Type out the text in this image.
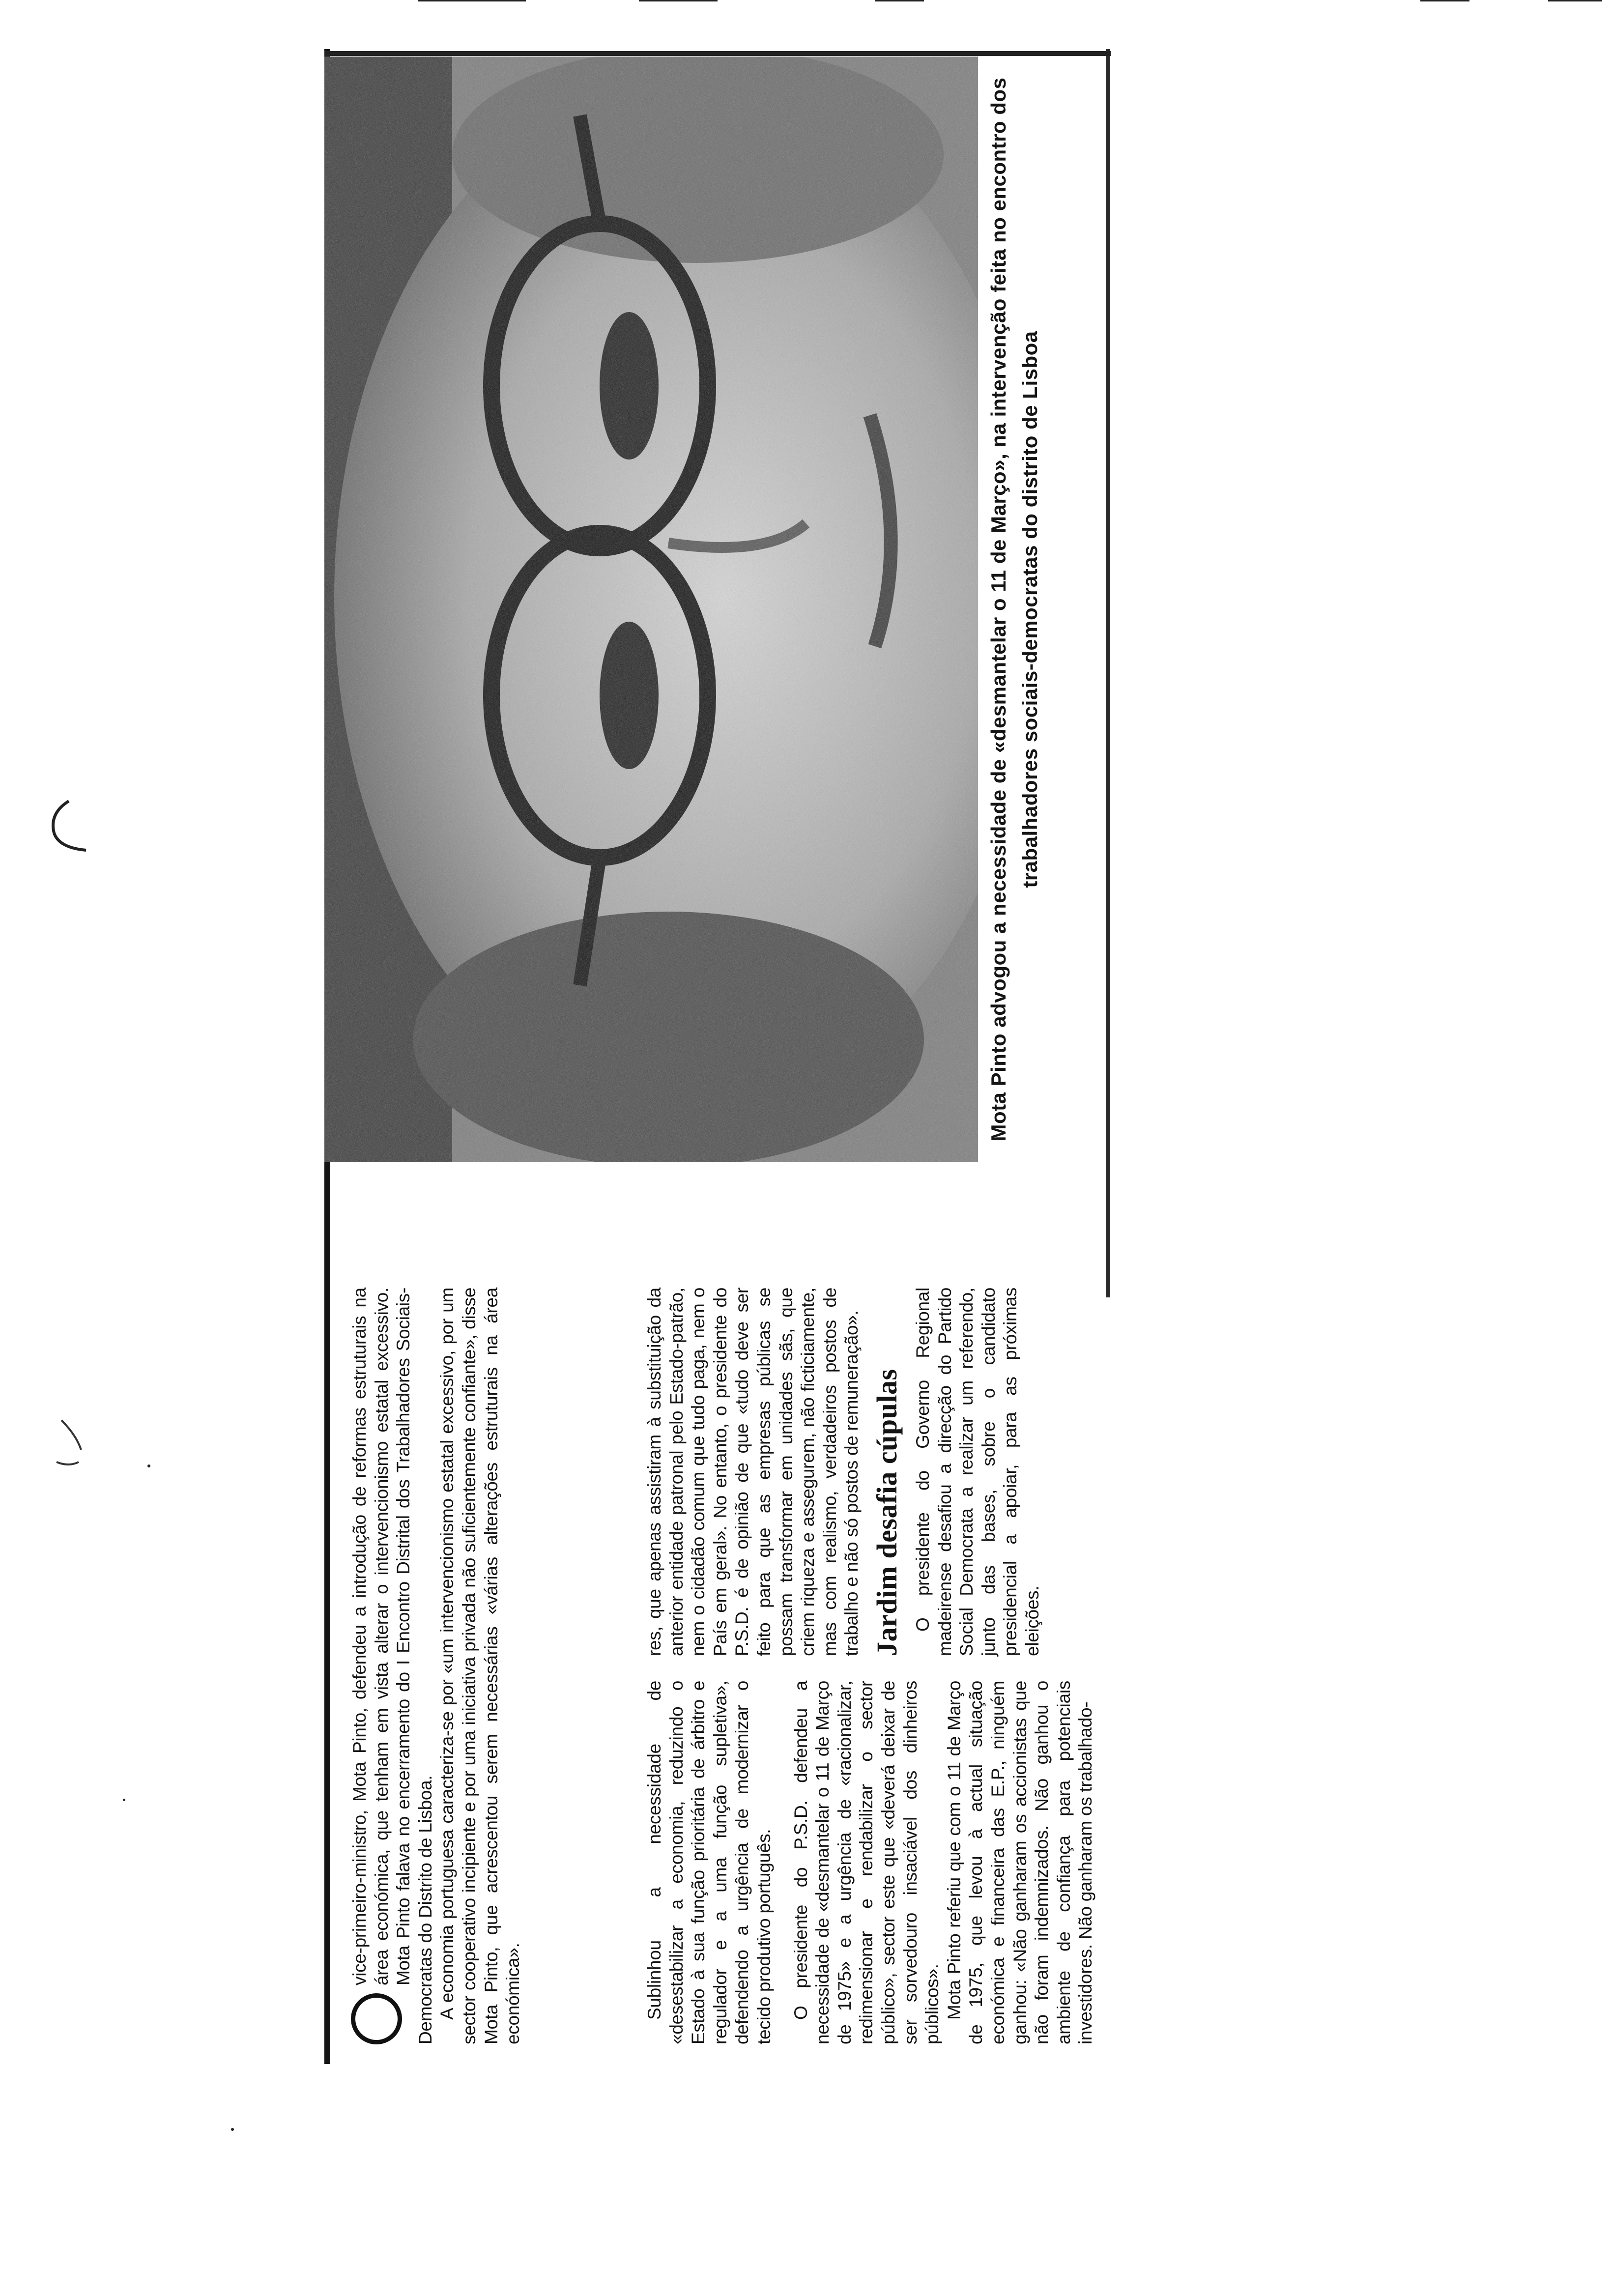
vice-primeiro-ministro, Mota Pinto, defendeu a introdução de reformas estruturais na área económica, que tenham em vista alterar o intervencionismo estatal excessivo. Mota Pinto falava no encerramento do I Encontro Distrital dos Trabalhadores Sociais-Democratas do Distrito de Lisboa. A economia portuguesa caracteriza-se por «um intervencionismo estatal excessivo, por um sector cooperativo incipiente e por uma iniciativa privada não suficientemente confiante», disse Mota Pinto, que acrescentou serem necessárias «várias alterações estruturais na área económica».	Sublinhou a necessidade de «desestabilizar a economia, reduzindo o Estado à sua função prioritária de árbitro e regulador e a uma função supletiva», defendendo a urgência de modernizar o tecido produtivo português. O presidente do P.S.D. defendeu a necessidade de «desmantelar o 11 de Março de 1975» e a urgência de «racionalizar, redimensionar e rendabilizar o sector público», sector este que «deverá deixar de ser sorvedouro insaciável dos dinheiros públicos». Mota Pinto referiu que com o 11 de Março de 1975, que levou à actual situação económica e financeira das E.P., ninguém ganhou: «Não ganharam os accionistas que não foram indemnizados. Não ganhou o ambiente de confiança para potenciais investidores. Não ganharam os trabalhado-

res, que apenas assistiram à substituição da anterior entidade patronal pelo Estado-patrão, nem o cidadão comum que tudo paga, nem o País em geral». No entanto, o presidente do P.S.D. é de opinião de que «tudo deve ser feito para que as empresas públicas se possam transformar em unidades sãs, que criem riqueza e assegurem, não ficticiamente, mas com realismo, verdadeiros postos de trabalho e não só postos de remuneração». Jardim desafia cúpulas O presidente do Governo Regional madeirense desafiou a direcção do Partido Social Democrata a realizar um referendo, junto das bases, sobre o candidato presidencial a apoiar, para as próximas eleições.

Mota Pinto advogou a necessidade de «desmantelar o 11 de Março», na intervenção feita no encontro dos trabalhadores sociais-democratas do distrito de Lisboa
